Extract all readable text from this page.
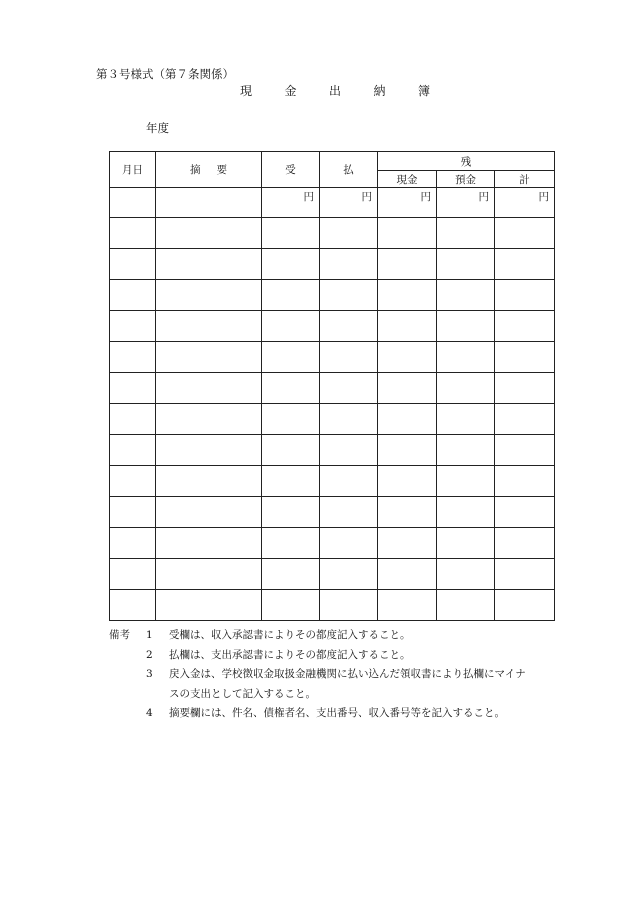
第３号様式（第７条関係）
現	金	出	納	簿
年度
月日	摘要	受	払	残		
				現金	預金	計
		円	円	円	円	円

備考 1 受欄は、収入承認書によりその都度記入すること。
2 払欄は、支出承認書によりその都度記入すること。
3 戻入金は、学校徴収金取扱金融機関に払い込んだ領収書により払欄にマイナ
スの支出として記入すること。
4 摘要欄には、件名、債権者名、支出番号、収入番号等を記入すること。
